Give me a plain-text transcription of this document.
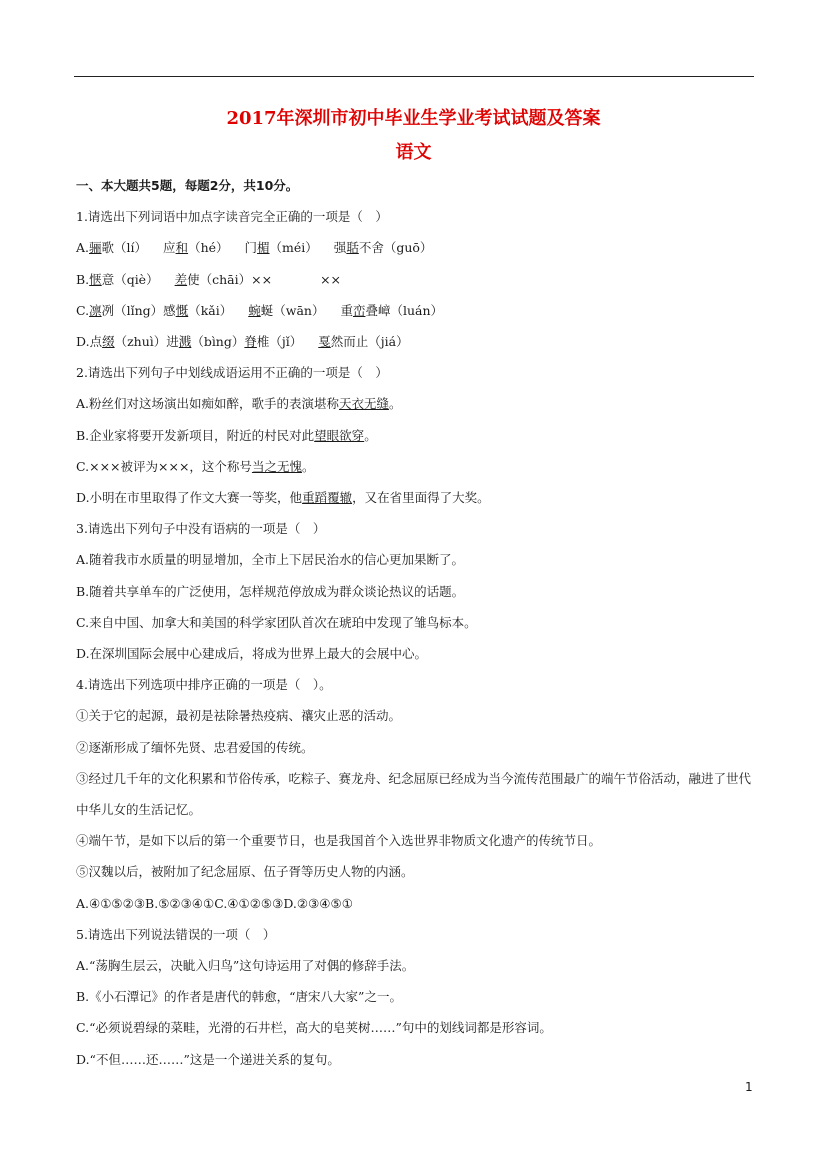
2017年深圳市初中毕业生学业考试试题及答案
语文

一、本大题共5题，每题2分，共10分。

1.请选出下列词语中加点字读音完全正确的一项是（　）

A.骊歌（lí） 应和（hé） 门楣（méi） 强聒不舍（guō）

B.惬意（qiè） 差使（chāi）××	××

C.凛冽（lǐng）感慨（kǎi） 蜿蜒（wān） 重峦叠嶂（luán）

D.点缀（zhuì）进溅（bìng）脊椎（jǐ） 戛然而止（jiá）

2.请选出下列句子中划线成语运用不正确的一项是（　）

A.粉丝们对这场演出如痴如醉，歌手的表演堪称天衣无缝。

B.企业家将要开发新项目，附近的村民对此望眼欲穿。

C.×××被评为×××，这个称号当之无愧。

D.小明在市里取得了作文大赛一等奖，他重蹈覆辙，又在省里面得了大奖。

3.请选出下列句子中没有语病的一项是（　）

A.随着我市水质量的明显增加，全市上下居民治水的信心更加果断了。

B.随着共享单车的广泛使用，怎样规范停放成为群众谈论热议的话题。

C.来自中国、加拿大和美国的科学家团队首次在琥珀中发现了雏鸟标本。

D.在深圳国际会展中心建成后，将成为世界上最大的会展中心。

4.请选出下列选项中排序正确的一项是（　）。

①关于它的起源，最初是祛除暑热疫病、禳灾止恶的活动。

②逐渐形成了缅怀先贤、忠君爱国的传统。

③经过几千年的文化积累和节俗传承，吃粽子、赛龙舟、纪念屈原已经成为当今流传范围最广的端午节俗活动，融进了世代中华儿女的生活记忆。

④端午节，是如下以后的第一个重要节日，也是我国首个入选世界非物质文化遗产的传统节日。

⑤汉魏以后，被附加了纪念屈原、伍子胥等历史人物的内涵。

A.④①⑤②③B.⑤②③④①C.④①②⑤③D.②③④⑤①

5.请选出下列说法错误的一项（　）

A.“荡胸生层云，决眦入归鸟”这句诗运用了对偶的修辞手法。

B.《小石潭记》的作者是唐代的韩愈，“唐宋八大家”之一。

C.“必须说碧绿的菜畦，光滑的石井栏，高大的皂荚树……”句中的划线词都是形容词。

D.“不但……还……”这是一个递进关系的复句。

1
